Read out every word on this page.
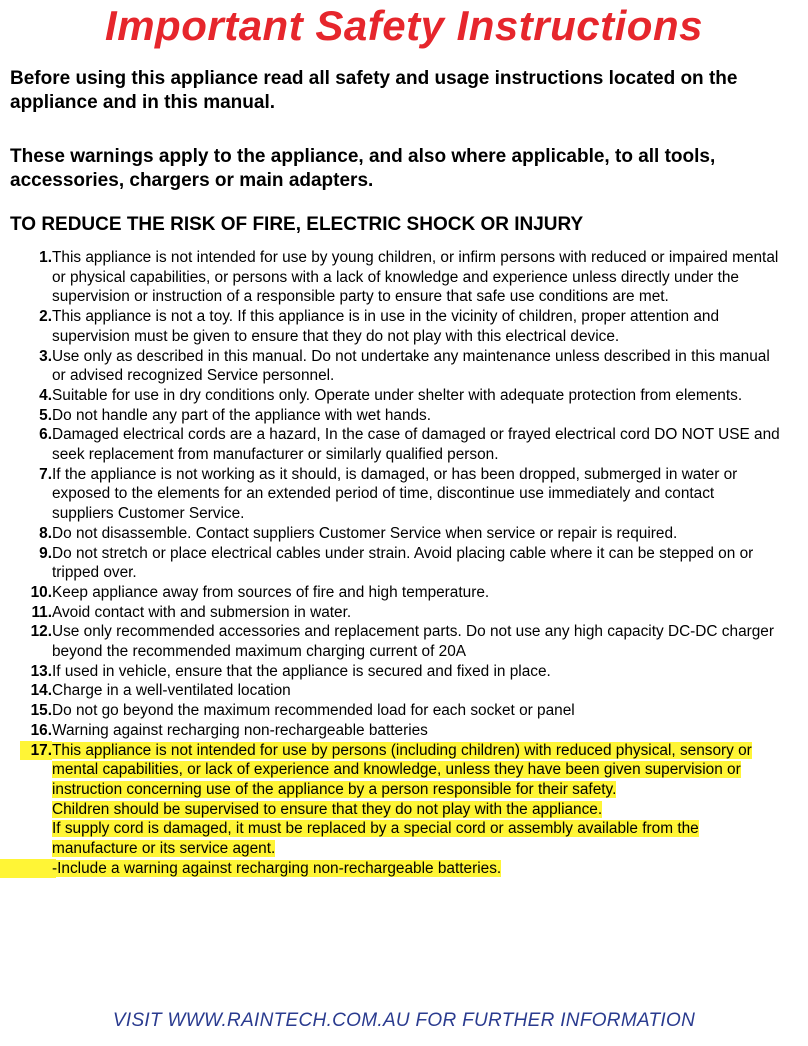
Important Safety Instructions

Before using this appliance read all safety and usage instructions located on the appliance and in this manual.

These warnings apply to the appliance, and also where applicable, to all tools, accessories, chargers or main adapters.

TO REDUCE THE RISK OF FIRE, ELECTRIC SHOCK OR INJURY

1. This appliance is not intended for use by young children, or infirm persons with reduced or impaired mental or physical capabilities, or persons with a lack of knowledge and experience unless directly under the supervision or instruction of a responsible party to ensure that safe use conditions are met.
2. This appliance is not a toy. If this appliance is in use in the vicinity of children, proper attention and supervision must be given to ensure that they do not play with this electrical device.
3. Use only as described in this manual. Do not undertake any maintenance unless described in this manual or advised recognized Service personnel.
4. Suitable for use in dry conditions only. Operate under shelter with adequate protection from elements.
5. Do not handle any part of the appliance with wet hands.
6. Damaged electrical cords are a hazard, In the case of damaged or frayed electrical cord DO NOT USE and seek replacement from manufacturer or similarly qualified person.
7. If the appliance is not working as it should, is damaged, or has been dropped, submerged in water or exposed to the elements for an extended period of time, discontinue use immediately and contact suppliers Customer Service.
8. Do not disassemble. Contact suppliers Customer Service when service or repair is required.
9. Do not stretch or place electrical cables under strain. Avoid placing cable where it can be stepped on or tripped over.
10. Keep appliance away from sources of fire and high temperature.
11. Avoid contact with and submersion in water.
12. Use only recommended accessories and replacement parts. Do not use any high capacity DC-DC charger beyond the recommended maximum charging current of 20A
13. If used in vehicle, ensure that the appliance is secured and fixed in place.
14. Charge in a well-ventilated location
15. Do not go beyond the maximum recommended load for each socket or panel
16. Warning against recharging non-rechargeable batteries
17. This appliance is not intended for use by persons (including children) with reduced physical, sensory or mental capabilities, or lack of experience and knowledge, unless they have been given supervision or instruction concerning use of the appliance by a person responsible for their safety.
Children should be supervised to ensure that they do not play with the appliance.
If supply cord is damaged, it must be replaced by a special cord or assembly available from the manufacture or its service agent.
-Include a warning against recharging non-rechargeable batteries.
VISIT WWW.RAINTECH.COM.AU FOR FURTHER INFORMATION
